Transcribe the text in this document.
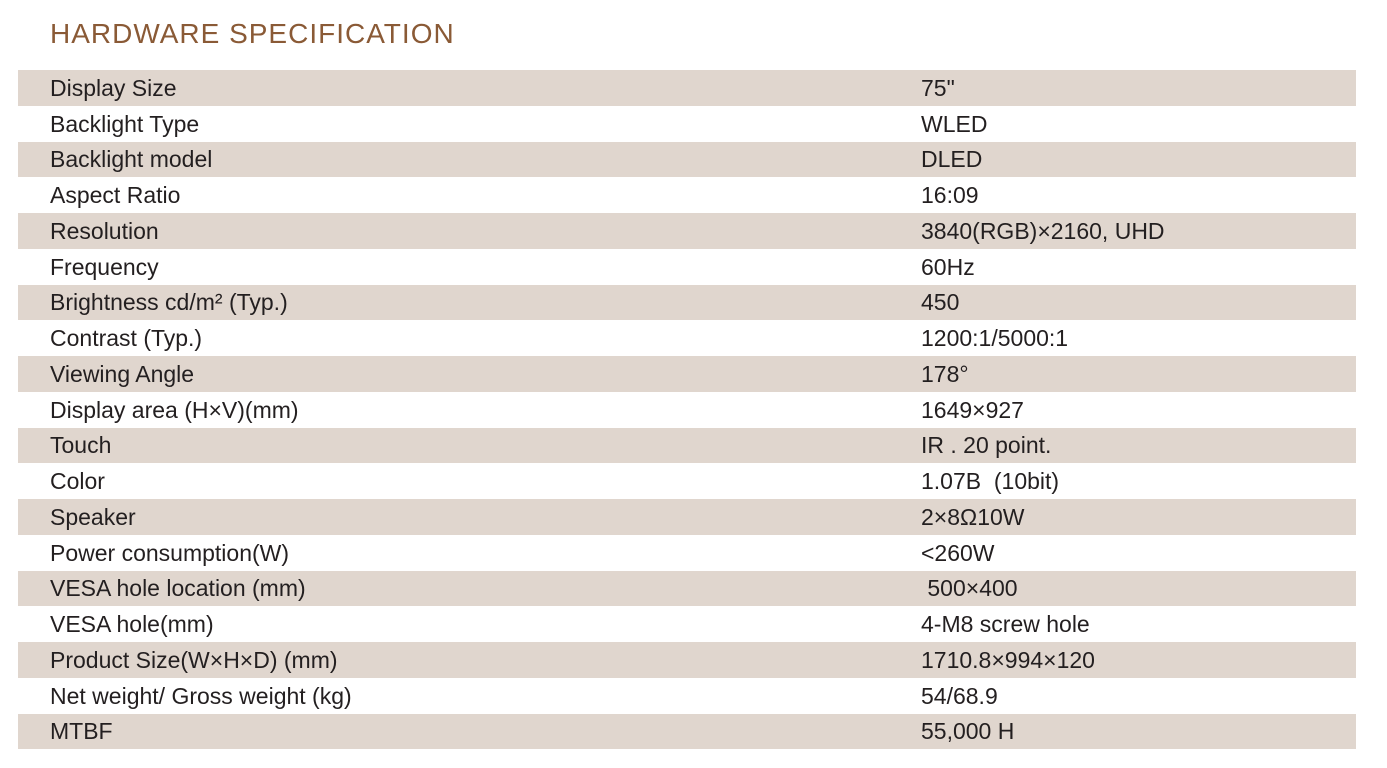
HARDWARE SPECIFICATION
Display Size	75"
Backlight Type	WLED
Backlight model	DLED
Aspect Ratio	16:09
Resolution	3840(RGB)×2160, UHD
Frequency	60Hz
Brightness cd/m² (Typ.)	450
Contrast (Typ.)	1200:1/5000:1
Viewing Angle	178°
Display area (H×V)(mm)	1649×927
Touch	IR . 20 point.
Color	1.07B  (10bit)
Speaker	2×8Ω10W
Power consumption(W)	<260W
VESA hole location (mm)	500×400
VESA hole(mm)	4-M8 screw hole
Product Size(W×H×D) (mm)	1710.8×994×120
Net weight/ Gross weight (kg)	54/68.9
MTBF	55,000 H
